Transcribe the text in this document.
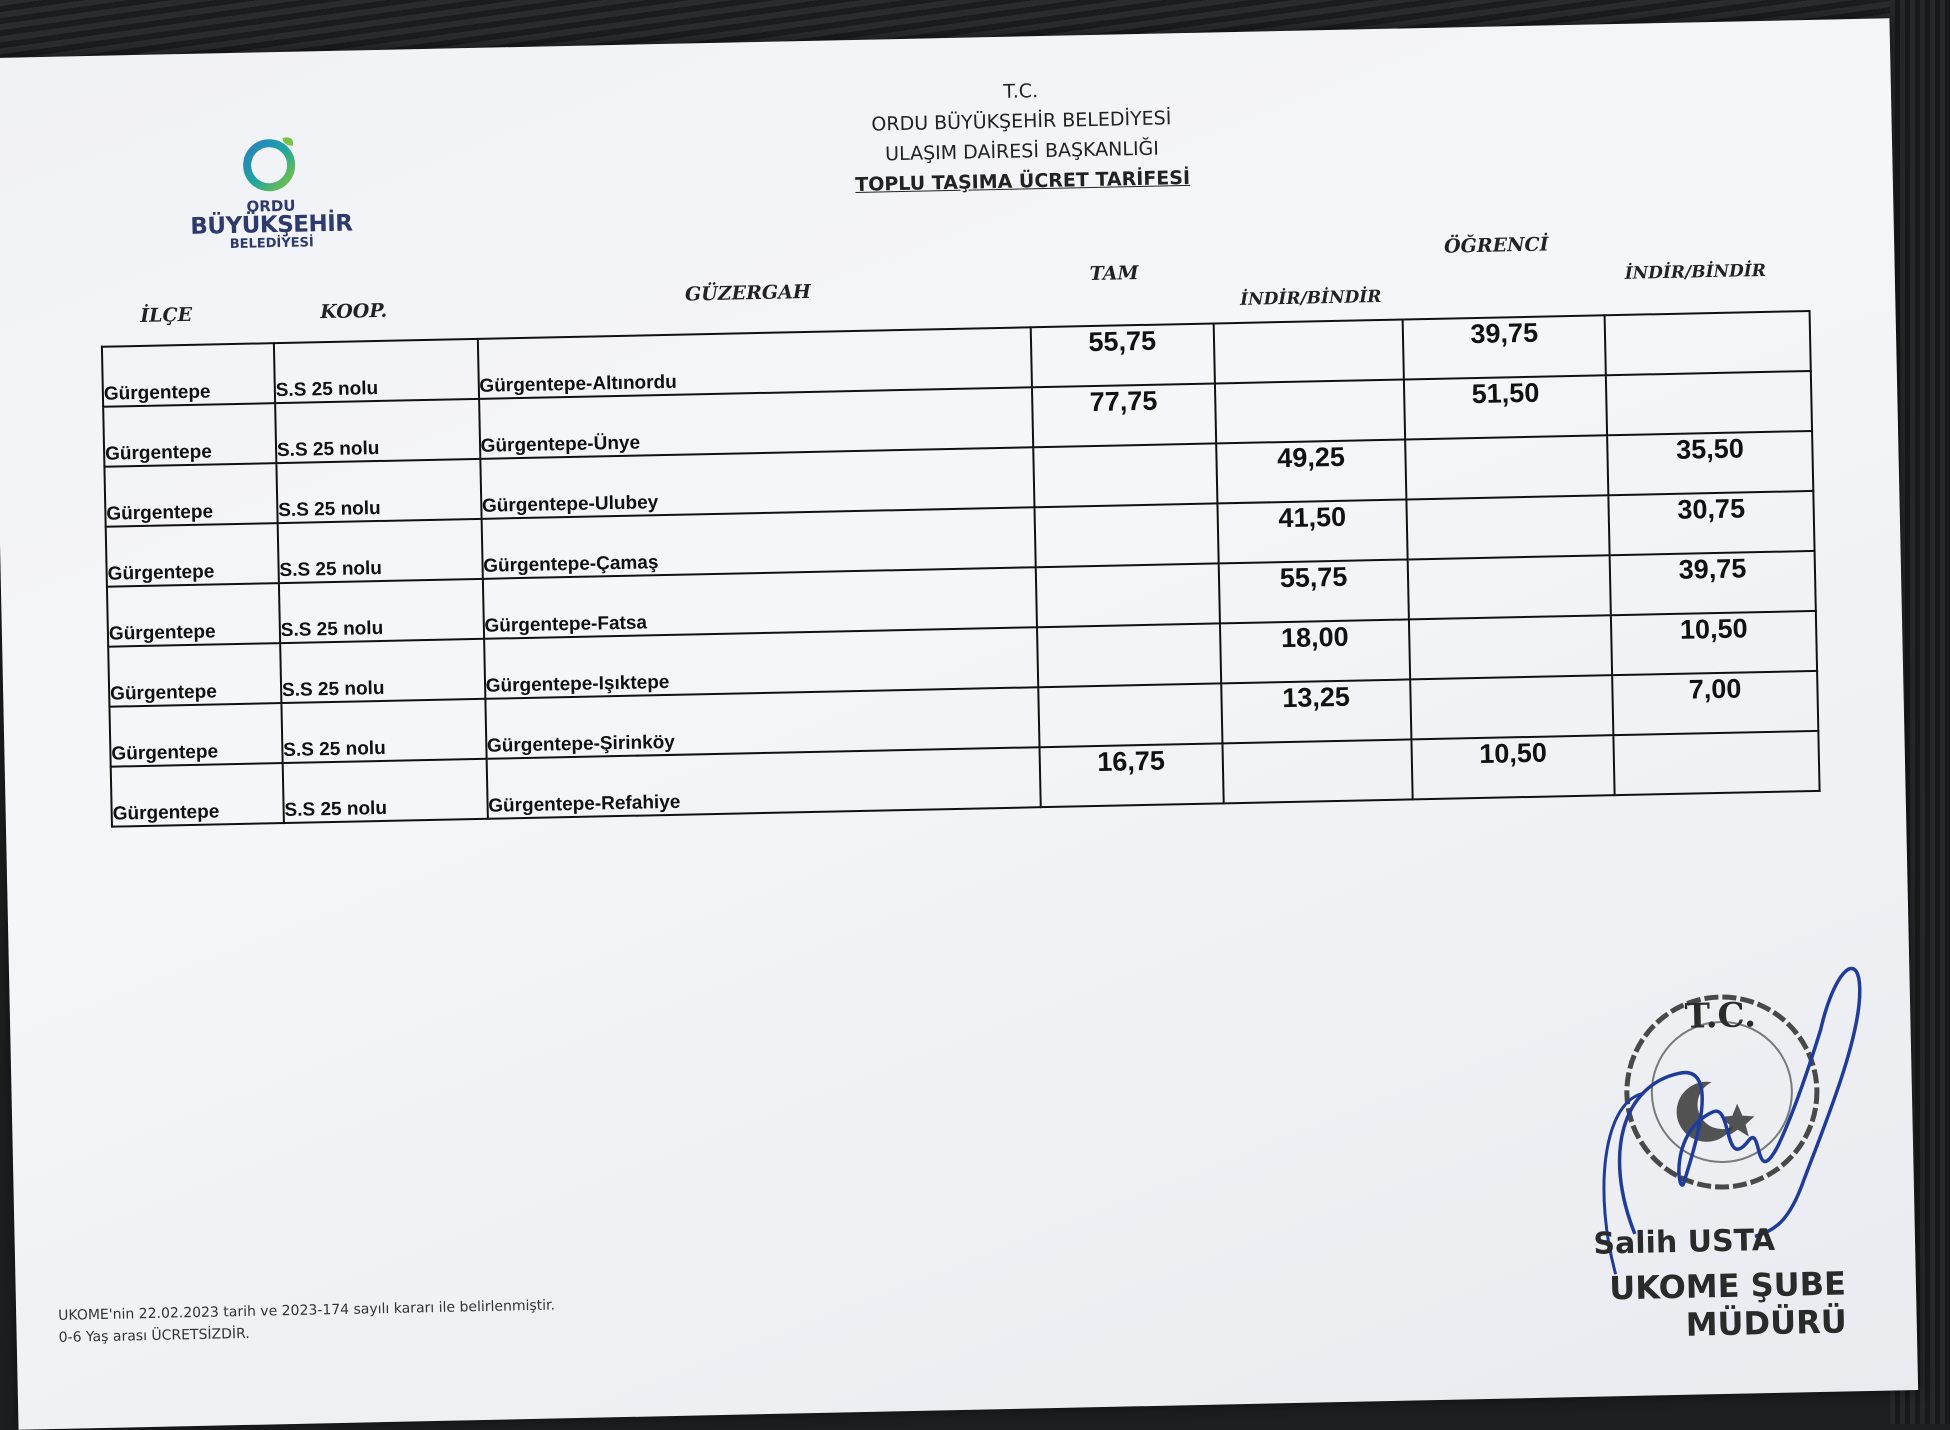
ORDU
BÜYÜKŞEHİR
BELEDİYESİ
T.C.
ORDU BÜYÜKŞEHİR BELEDİYESİ
ULAŞIM DAİRESİ BAŞKANLIĞI
TOPLU TAŞIMA ÜCRET TARİFESİ
İLÇE	KOOP.
GÜZERGAH
TAM
İNDİR/BİNDİR
ÖĞRENCİ
İNDİR/BİNDİR
Gürgentepe	S.S 25 nolu	Gürgentepe-Altınordu	55,75		39,75	
Gürgentepe	S.S 25 nolu	Gürgentepe-Ünye	77,75		51,50	
Gürgentepe	S.S 25 nolu	Gürgentepe-Ulubey		49,25		35,50
Gürgentepe	S.S 25 nolu	Gürgentepe-Çamaş		41,50		30,75
Gürgentepe	S.S 25 nolu	Gürgentepe-Fatsa		55,75		39,75
Gürgentepe	S.S 25 nolu	Gürgentepe-Işıktepe		18,00		10,50
Gürgentepe	S.S 25 nolu	Gürgentepe-Şirinköy		13,25		7,00
Gürgentepe	S.S 25 nolu	Gürgentepe-Refahiye	16,75		10,50	
UKOME'nin 22.02.2023 tarih ve 2023-174 sayılı kararı ile belirlenmiştir.
0-6 Yaş arası ÜCRETSİZDİR.
T.C.
Salih USTA
UKOME ŞUBE MÜDÜRÜ
